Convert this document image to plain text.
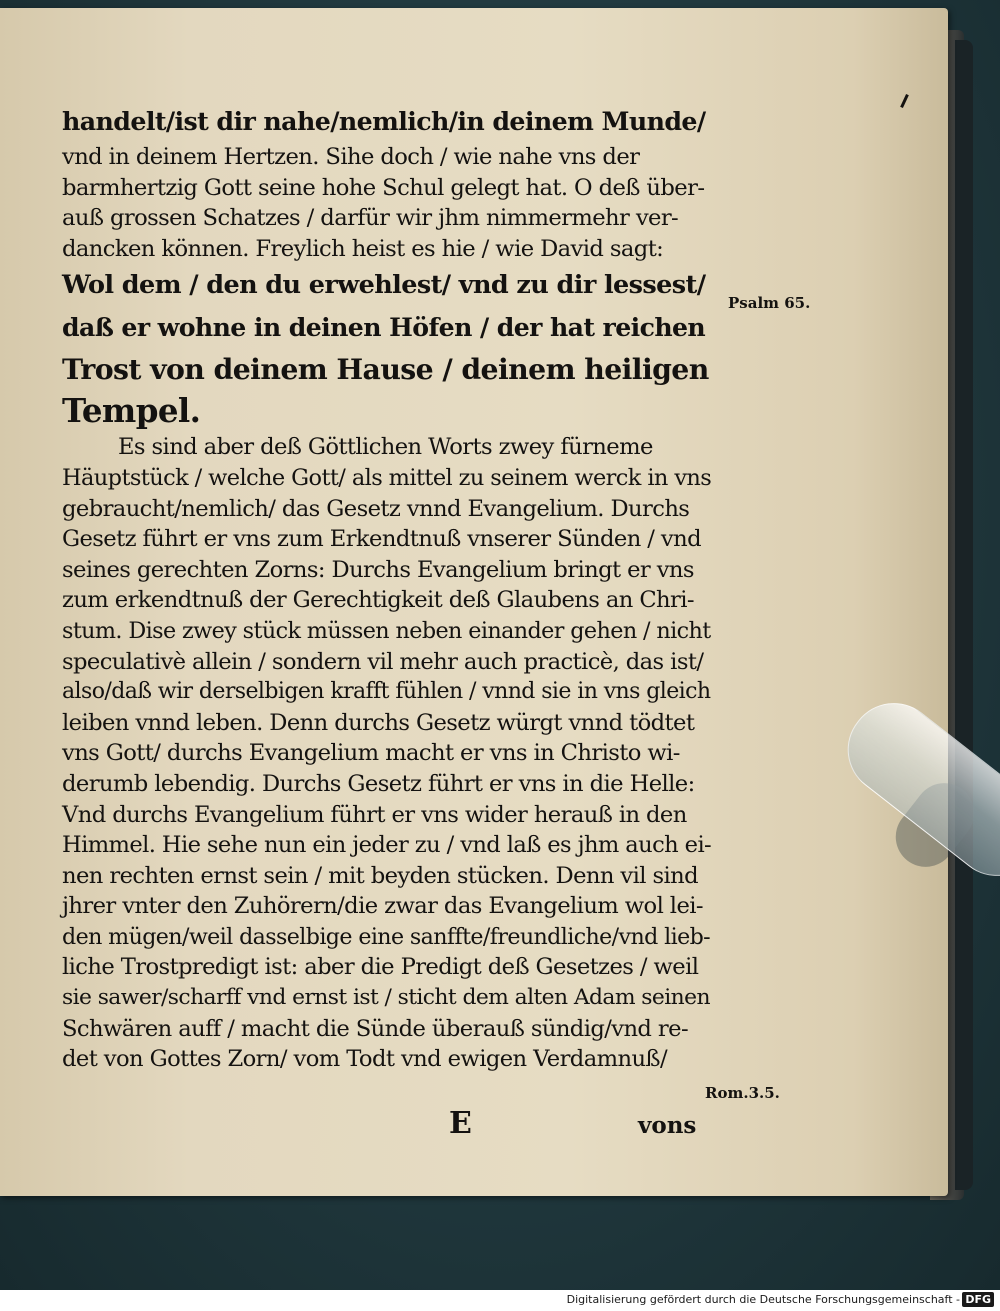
handelt/ist dir nahe/nemlich/in deinem Munde/
vnd in deinem Hertzen. Sihe doch / wie nahe vns der
barmhertzig Gott seine hohe Schul gelegt hat. O deß über-
auß grossen Schatzes / darfür wir jhm nimmermehr ver-
dancken können. Freylich heist es hie / wie David sagt:
Wol dem / den du erwehlest/ vnd zu dir lessest/
daß er wohne in deinen Höfen / der hat reichen
Trost von deinem Hause / deinem heiligen
Tempel.
Es sind aber deß Göttlichen Worts zwey fürneme
Häuptstück / welche Gott/ als mittel zu seinem werck in vns
gebraucht/nemlich/ das Gesetz vnnd Evangelium. Durchs
Gesetz führt er vns zum Erkendtnuß vnserer Sünden / vnd
seines gerechten Zorns: Durchs Evangelium bringt er vns
zum erkendtnuß der Gerechtigkeit deß Glaubens an Chri-
stum. Dise zwey stück müssen neben einander gehen / nicht
speculativè allein / sondern vil mehr auch practicè, das ist/
also/daß wir derselbigen krafft fühlen / vnnd sie in vns gleich
leiben vnnd leben. Denn durchs Gesetz würgt vnnd tödtet
vns Gott/ durchs Evangelium macht er vns in Christo wi-
derumb lebendig. Durchs Gesetz führt er vns in die Helle:
Vnd durchs Evangelium führt er vns wider herauß in den
Himmel. Hie sehe nun ein jeder zu / vnd laß es jhm auch ei-
nen rechten ernst sein / mit beyden stücken. Denn vil sind
jhrer vnter den Zuhörern/die zwar das Evangelium wol lei-
den mügen/weil dasselbige eine sanffte/freundliche/vnd lieb-
liche Trostpredigt ist: aber die Predigt deß Gesetzes / weil
sie sawer/scharff vnd ernst ist / sticht dem alten Adam seinen
Schwären auff / macht die Sünde überauß sündig/vnd re-
det von Gottes Zorn/ vom Todt vnd ewigen Verdamnuß/
Psalm 65.
Rom.3.5.
E	vons
Digitalisierung gefördert durch die Deutsche Forschungsgemeinschaft - DFG
